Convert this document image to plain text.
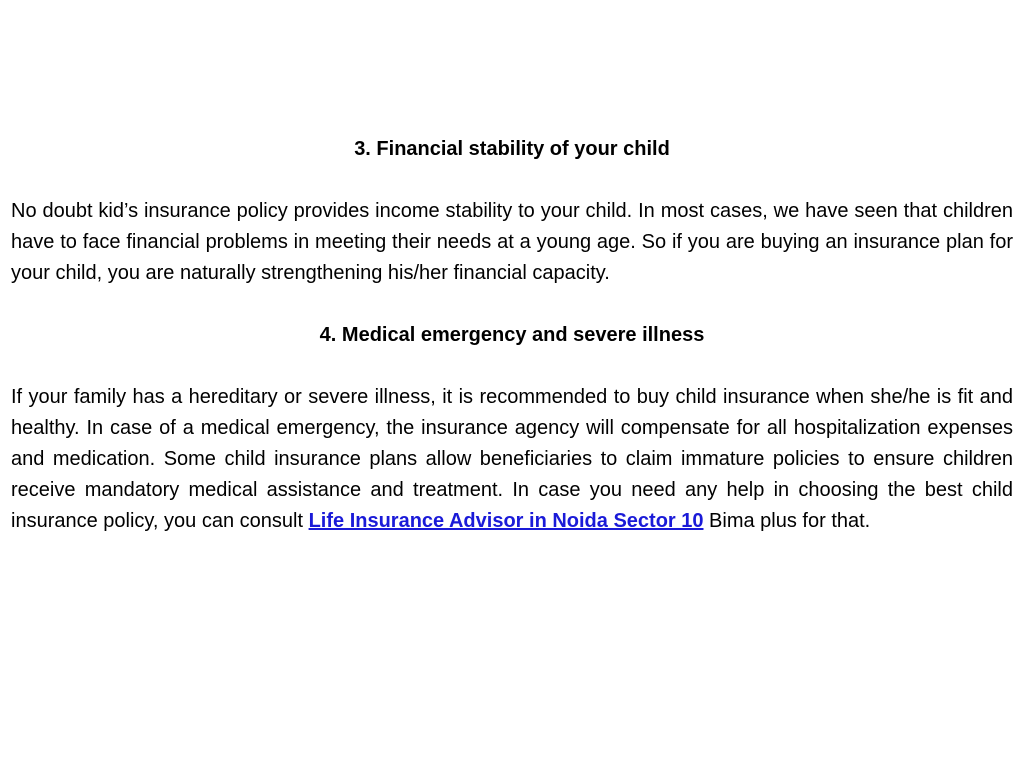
3. Financial stability of your child

No doubt kid’s insurance policy provides income stability to your child. In most cases, we have seen that children have to face financial problems in meeting their needs at a young age. So if you are buying an insurance plan for your child, you are naturally strengthening his/her financial capacity.

4. Medical emergency and severe illness

If your family has a hereditary or severe illness, it is recommended to buy child insurance when she/he is fit and healthy. In case of a medical emergency, the insurance agency will compensate for all hospitalization expenses and medication. Some child insurance plans allow beneficiaries to claim immature policies to ensure children receive mandatory medical assistance and treatment. In case you need any help in choosing the best child insurance policy, you can consult Life Insurance Advisor in Noida Sector 10 Bima plus for that.
